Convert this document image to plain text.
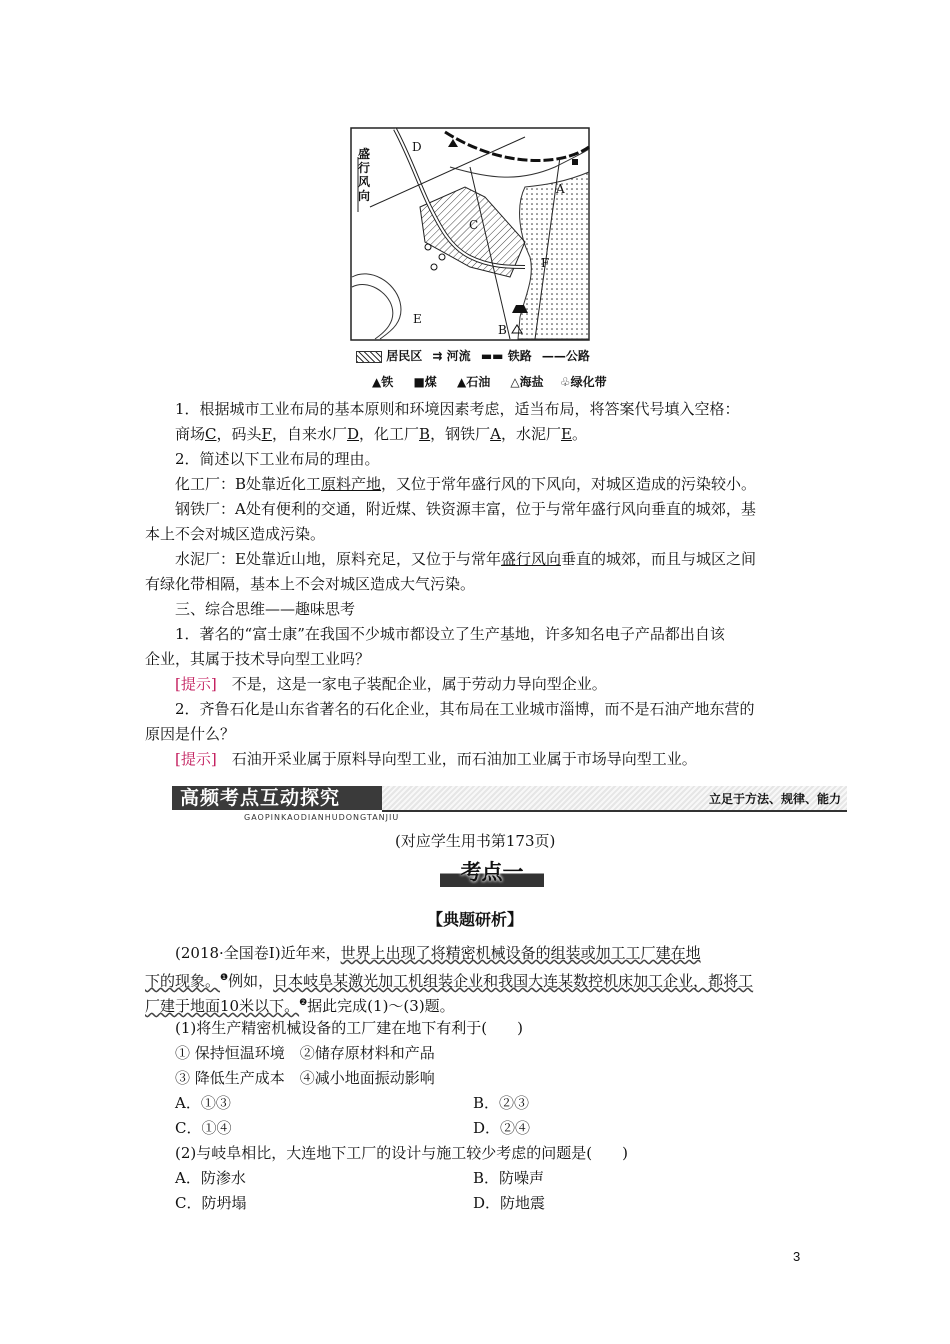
盛行风向
D
A
C
F
E
B
居民区 ⇉ 河流 ▬▬ 铁路 ——公路
▲铁 ■煤 ▲石油 △海盐 ♧绿化带
1．根据城市工业布局的基本原则和环境因素考虑，适当布局，将答案代号填入空格：
商场C，码头F，自来水厂D，化工厂B，钢铁厂A，水泥厂E。
2．简述以下工业布局的理由。
化工厂：B处靠近化工原料产地，又位于常年盛行风的下风向，对城区造成的污染较小。
钢铁厂：A处有便利的交通，附近煤、铁资源丰富，位于与常年盛行风向垂直的城郊，基
本上不会对城区造成污染。
水泥厂：E处靠近山地，原料充足，又位于与常年盛行风向垂直的城郊，而且与城区之间
有绿化带相隔，基本上不会对城区造成大气污染。
三、综合思维——趣味思考
1．著名的“富士康”在我国不少城市都设立了生产基地，许多知名电子产品都出自该
企业，其属于技术导向型工业吗？
[提示]　 不是，这是一家电子装配企业，属于劳动力导向型企业。
2．齐鲁石化是山东省著名的石化企业，其布局在工业城市淄博，而不是石油产地东营的
原因是什么？
[提示]　 石油开采业属于原料导向型工业，而石油加工业属于市场导向型工业。
高频考点互动探究	立足于方法、规律、能力
GAOPINKAODIANHUDONGTANJIU
(对应学生用书第173页)
考点一
【典题研析】
(2018·全国卷Ⅰ)近年来，世界上出现了将精密机械设备的组装或加工工厂建在地
下的现象。$^❶$例如，日本岐阜某激光加工机组装企业和我国大连某数控机床加工企业，都将工
厂建于地面10米以下。$^❷$据此完成(1)～(3)题。
(1)将生产精密机械设备的工厂建在地下有利于(　　)
① 保持恒温环境　②储存原材料和产品
③ 降低生产成本　④减小地面振动影响
A．①③	B．②③
C．①④	D．②④
(2)与岐阜相比，大连地下工厂的设计与施工较少考虑的问题是(　　)
A．防渗水	B．防噪声
C．防坍塌	D．防地震
3
